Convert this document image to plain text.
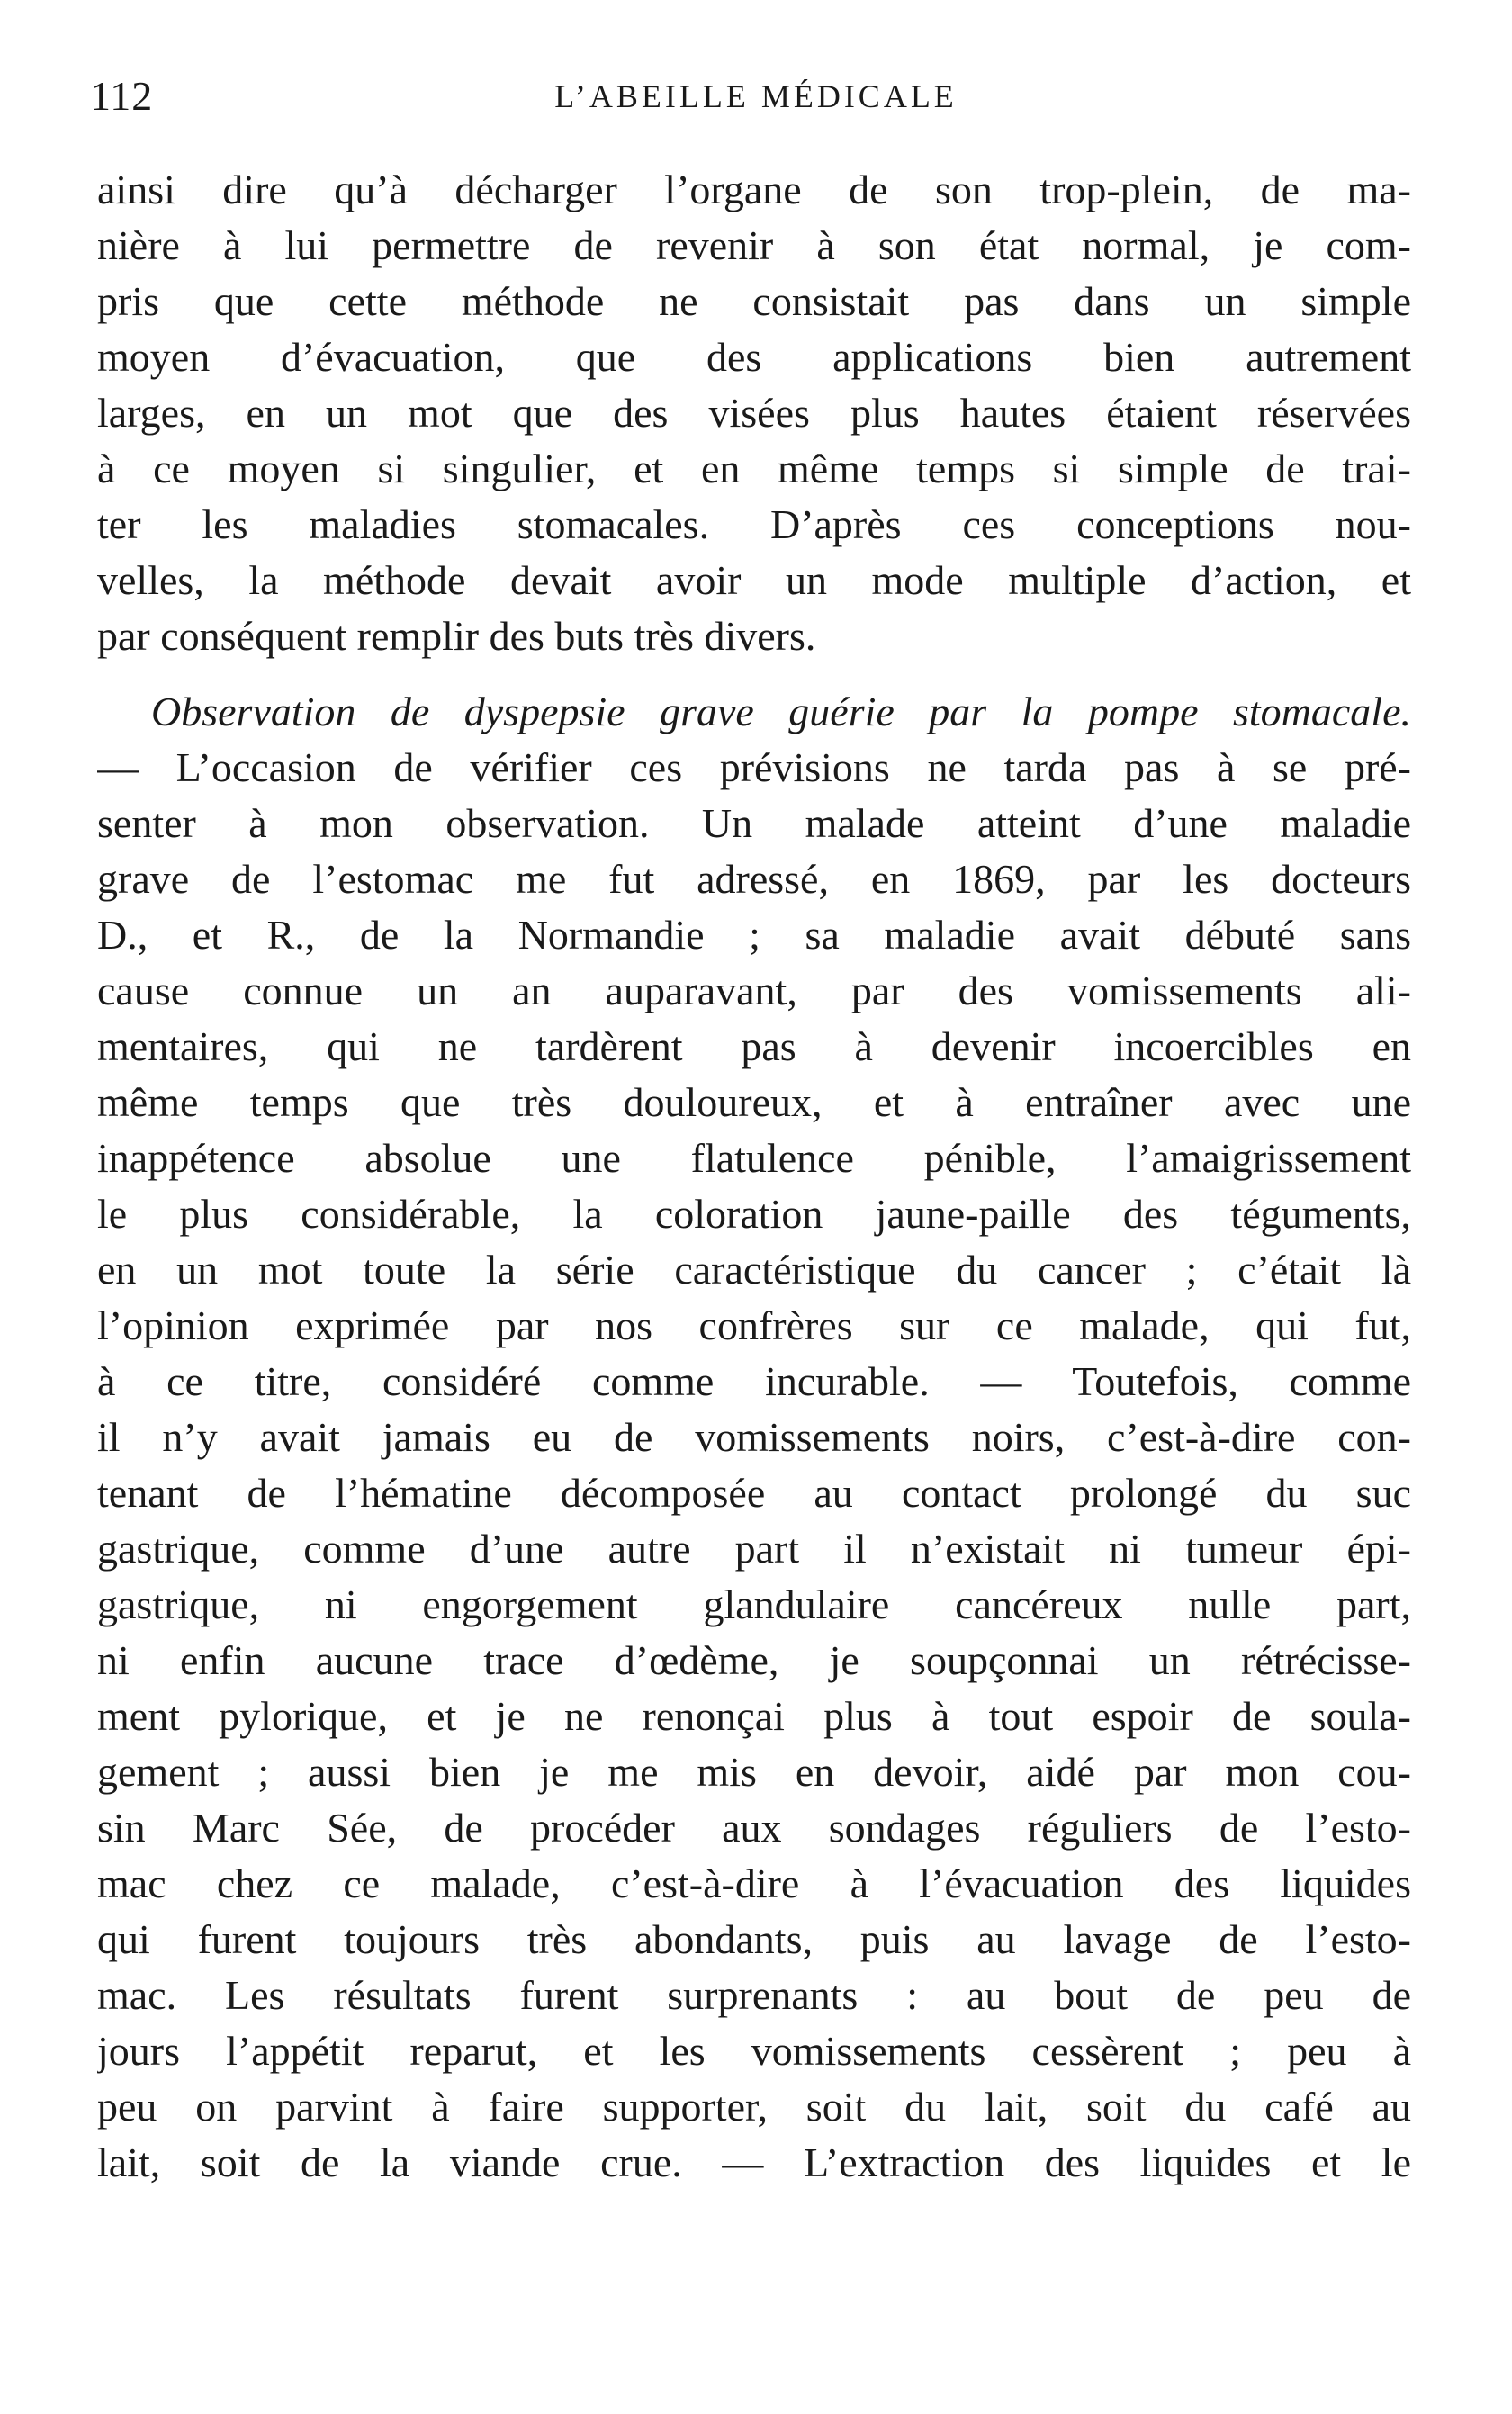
112	L’ABEILLE MÉDICALE
ainsi dire qu’à décharger l’organe de son trop-plein, de ma-
nière à lui permettre de revenir à son état normal, je com-
pris que cette méthode ne consistait pas dans un simple
moyen d’évacuation, que des applications bien autrement
larges, en un mot que des visées plus hautes étaient réservées
à ce moyen si singulier, et en même temps si simple de trai-
ter les maladies stomacales. D’après ces conceptions nou-
velles, la méthode devait avoir un mode multiple d’action, et
par conséquent remplir des buts très divers.
Observation de dyspepsie grave guérie par la pompe stomacale.
— L’occasion de vérifier ces prévisions ne tarda pas à se pré-
senter à mon observation. Un malade atteint d’une maladie
grave de l’estomac me fut adressé, en 1869, par les docteurs
D., et R., de la Normandie ; sa maladie avait débuté sans
cause connue un an auparavant, par des vomissements ali-
mentaires, qui ne tardèrent pas à devenir incoercibles en
même temps que très douloureux, et à entraîner avec une
inappétence absolue une flatulence pénible, l’amaigrissement
le plus considérable, la coloration jaune-paille des téguments,
en un mot toute la série caractéristique du cancer ; c’était là
l’opinion exprimée par nos confrères sur ce malade, qui fut,
à ce titre, considéré comme incurable. — Toutefois, comme
il n’y avait jamais eu de vomissements noirs, c’est-à-dire con-
tenant de l’hématine décomposée au contact prolongé du suc
gastrique, comme d’une autre part il n’existait ni tumeur épi-
gastrique, ni engorgement glandulaire cancéreux nulle part,
ni enfin aucune trace d’œdème, je soupçonnai un rétrécisse-
ment pylorique, et je ne renonçai plus à tout espoir de soula-
gement ; aussi bien je me mis en devoir, aidé par mon cou-
sin Marc Sée, de procéder aux sondages réguliers de l’esto-
mac chez ce malade, c’est-à-dire à l’évacuation des liquides
qui furent toujours très abondants, puis au lavage de l’esto-
mac. Les résultats furent surprenants : au bout de peu de
jours l’appétit reparut, et les vomissements cessèrent ; peu à
peu on parvint à faire supporter, soit du lait, soit du café au
lait, soit de la viande crue. — L’extraction des liquides et le
